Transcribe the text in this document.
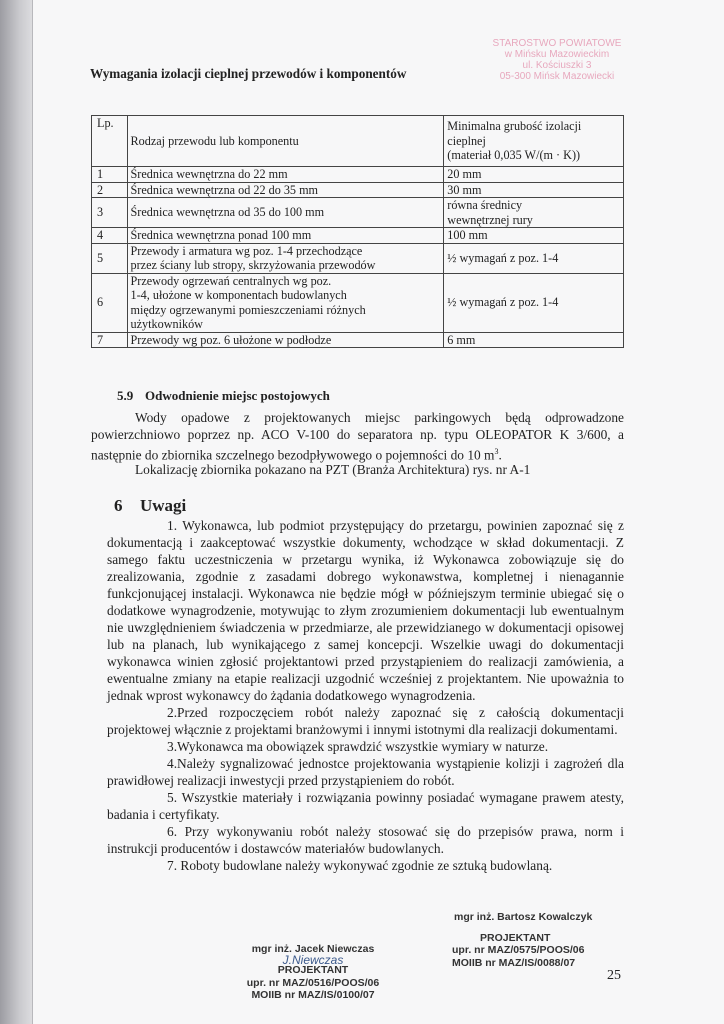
Wymagania izolacji cieplnej przewodów i komponentów
STAROSTWO POWIATOWE
w Mińsku Mazowieckim
ul. Kościuszki 3
05-300 Mińsk Mazowiecki
Lp.	Rodzaj przewodu lub komponentu	Minimalna grubość izolacji
cieplnej
(materiał 0,035 W/(m · K))

1	Średnica wewnętrzna do 22 mm	20 mm

2	Średnica wewnętrzna od 22 do 35 mm	30 mm

3	Średnica wewnętrzna od 35 do 100 mm	równa średnicy
wewnętrznej rury

4	Średnica wewnętrzna ponad 100 mm	100 mm

5	Przewody i armatura wg poz. 1-4 przechodzące
przez ściany lub stropy, skrzyżowania przewodów	½ wymagań z poz. 1-4

6	Przewody ogrzewań centralnych wg poz.
1-4, ułożone w komponentach budowlanych
między ogrzewanymi pomieszczeniami różnych
użytkowników	½ wymagań z poz. 1-4

7	Przewody wg poz. 6 ułożone w podłodze	6 mm
5.9 Odwodnienie miejsc postojowych
Wody opadowe z projektowanych miejsc parkingowych będą odprowadzone powierzchniowo poprzez np. ACO V-100 do separatora np. typu OLEOPATOR K 3/600, a następnie do zbiornika szczelnego bezodpływowego o pojemności do 10 $m^3$.
Lokalizację zbiornika pokazano na PZT (Branża Architektura) rys. nr A-1
6 Uwagi

1. Wykonawca, lub podmiot przystępujący do przetargu, powinien zapoznać się z dokumentacją i zaakceptować wszystkie dokumenty, wchodzące w skład dokumentacji. Z samego faktu uczestniczenia w przetargu wynika, iż Wykonawca zobowiązuje się do zrealizowania, zgodnie z zasadami dobrego wykonawstwa, kompletnej i nienagannie funkcjonującej instalacji. Wykonawca nie będzie mógł w późniejszym terminie ubiegać się o dodatkowe wynagrodzenie, motywując to złym zrozumieniem dokumentacji lub ewentualnym nie uwzględnieniem świadczenia w przedmiarze, ale przewidzianego w dokumentacji opisowej lub na planach, lub wynikającego z samej koncepcji. Wszelkie uwagi do dokumentacji wykonawca winien zgłosić projektantowi przed przystąpieniem do realizacji zamówienia, a ewentualne zmiany na etapie realizacji uzgodnić wcześniej z projektantem. Nie upoważnia to jednak wprost wykonawcy do żądania dodatkowego wynagrodzenia.

2.Przed rozpoczęciem robót należy zapoznać się z całością dokumentacji projektowej włącznie z projektami branżowymi i innymi istotnymi dla realizacji dokumentami.

3.Wykonawca ma obowiązek sprawdzić wszystkie wymiary w naturze.

4.Należy sygnalizować jednostce projektowania wystąpienie kolizji i zagrożeń dla prawidłowej realizacji inwestycji przed przystąpieniem do robót.

5. Wszystkie materiały i rozwiązania powinny posiadać wymagane prawem atesty, badania i certyfikaty.

6. Przy wykonywaniu robót należy stosować się do przepisów prawa, norm i instrukcji producentów i dostawców materiałów budowlanych.

7. Roboty budowlane należy wykonywać zgodnie ze sztuką budowlaną.

mgr inż. Bartosz Kowalczyk
PROJEKTANT
upr. nr MAZ/0575/POOS/06
MOIIB nr MAZ/IS/0088/07
mgr inż. Jacek Niewczas
J.Niewczas
PROJEKTANT
upr. nr MAZ/0516/POOS/06
MOIIB nr MAZ/IS/0100/07
25
